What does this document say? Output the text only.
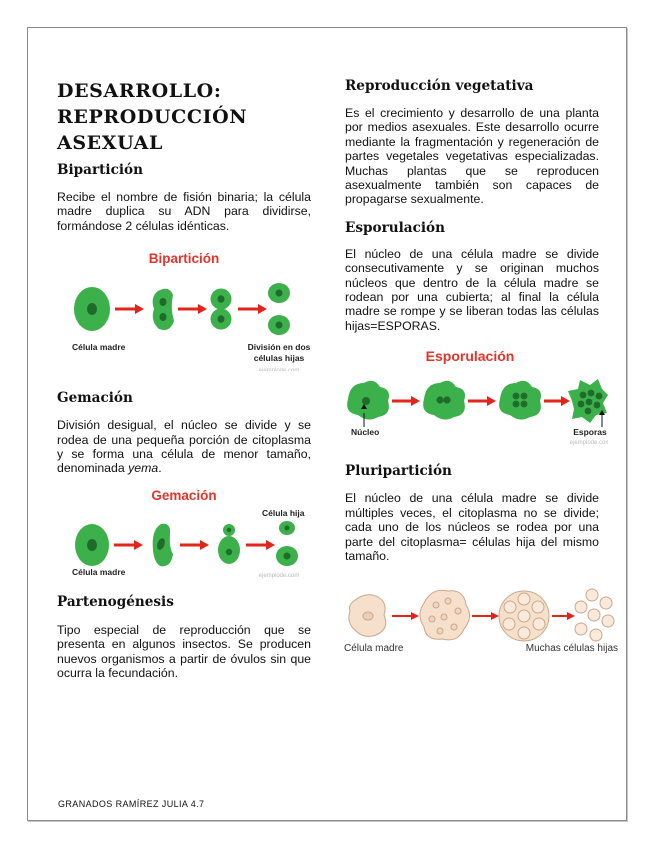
DESARROLLO:
REPRODUCCIÓN
ASEXUAL
Bipartición

Recibe el nombre de fisión binaria; la célula madre duplica su ADN para dividirse, formándose 2 células idénticas.

Bipartición
Célula madre	División en dos
células hijas
ejemplode.com
Gemación

División desigual, el núcleo se divide y se rodea de una pequeña porción de citoplasma y se forma una célula de menor tamaño, denominada yema.

Gemación
Célula hija
Célula madre	ejemplode.com
Partenogénesis

Tipo especial de reproducción que se presenta en algunos insectos. Se producen nuevos organismos a partir de óvulos sin que ocurra la fecundación.

Reproducción vegetativa

Es el crecimiento y desarrollo de una planta por medios asexuales. Este desarrollo ocurre mediante la fragmentación y regeneración de partes vegetales vegetativas especializadas. Muchas plantas que se reproducen asexualmente también son capaces de propagarse sexualmente.

Esporulación

El núcleo de una célula madre se divide consecutivamente y se originan muchos núcleos que dentro de la célula madre se rodean por una cubierta; al final la célula madre se rompe y se liberan todas las células hijas=ESPORAS.

Esporulación
Núcleo	Esporas
ejemplode.com
Pluripartición

El núcleo de una célula madre se divide múltiples veces, el citoplasma no se divide; cada uno de los núcleos se rodea por una parte del citoplasma= células hija del mismo tamaño.

Célula madre	Muchas células hijas
GRANADOS RAMÍREZ JULIA 4.7
